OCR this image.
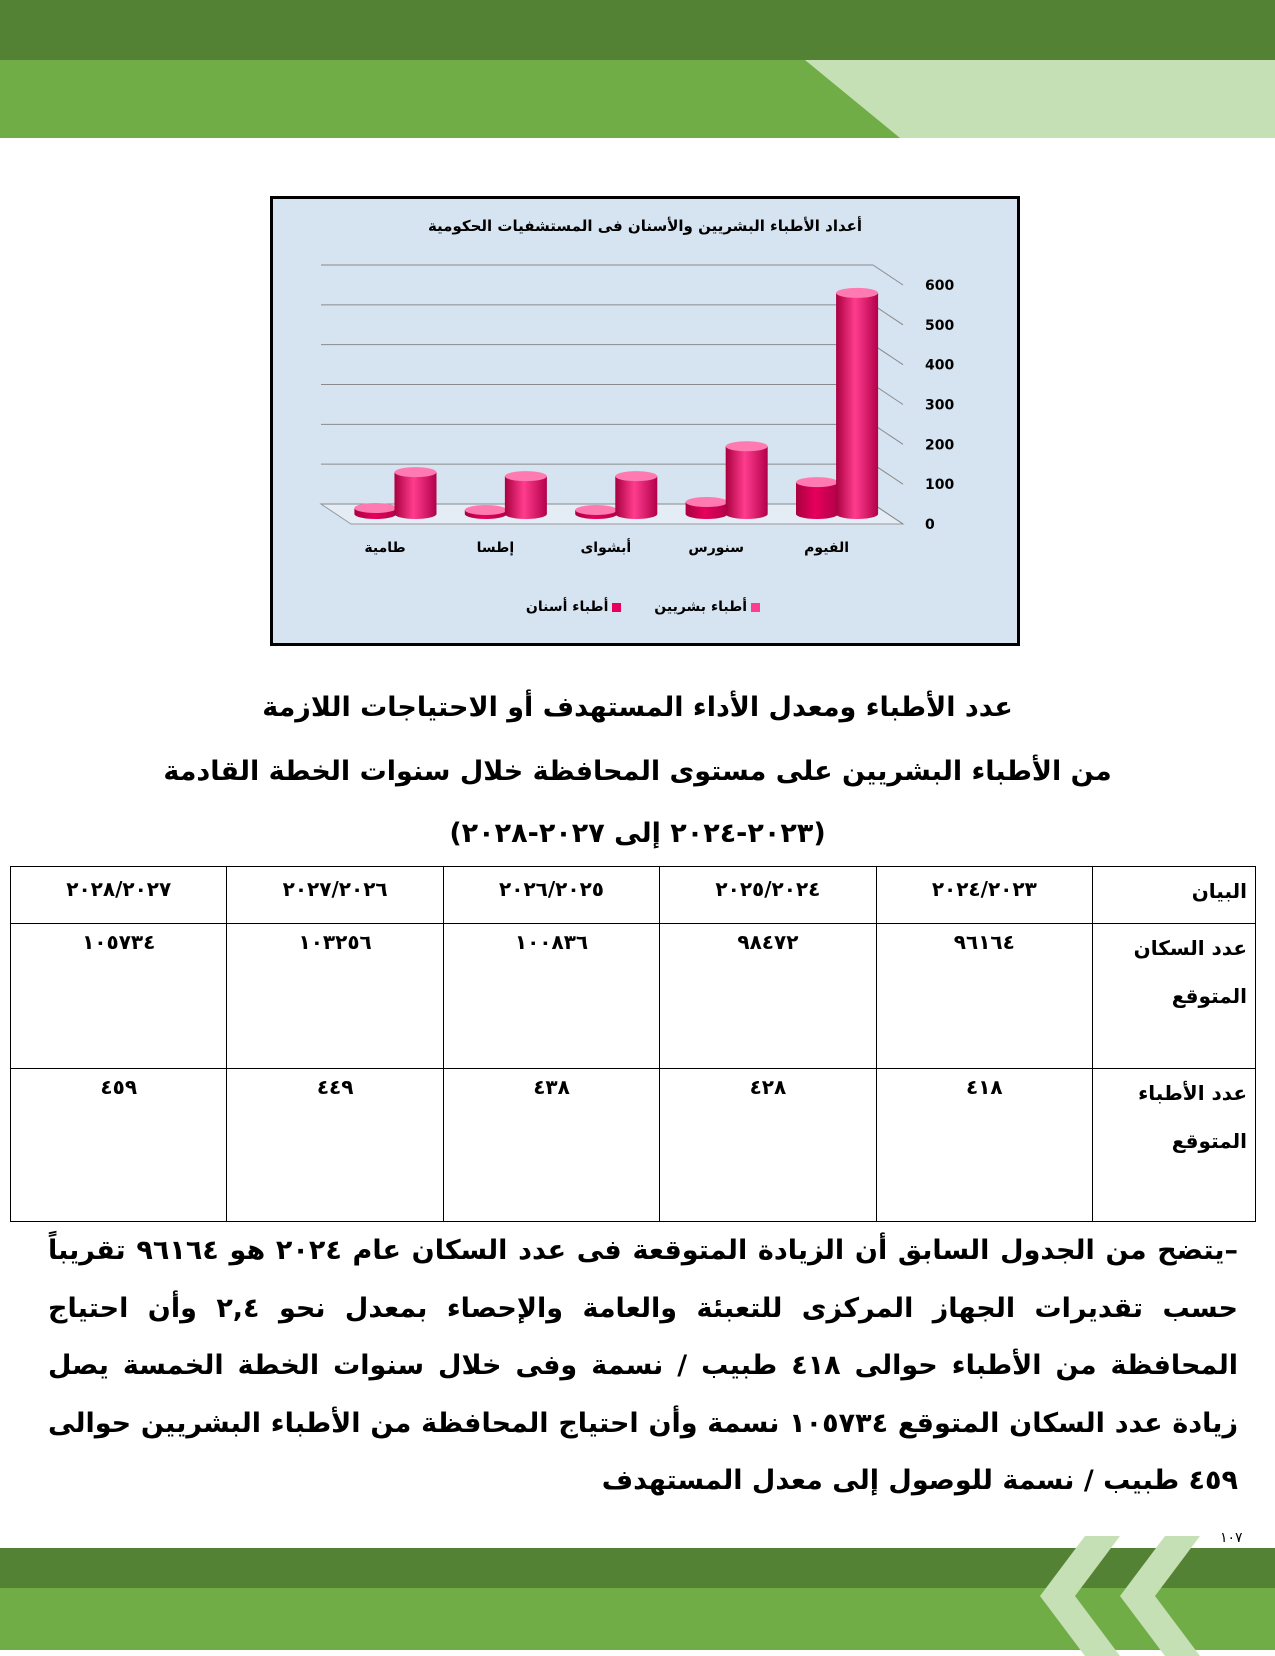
أعداد الأطباء البشريين والأسنان فى المستشفيات الحكومية
0
100
200
300
400
500
600
الفيوم
سنورس
أبشواى
إطسا
طامية
أطباء بشريين أطباء أسنان
عدد الأطباء ومعدل الأداء المستهدف أو الاحتياجات اللازمة
من الأطباء البشريين على مستوى المحافظة خلال سنوات الخطة القادمة
(٢٠٢٣-٢٠٢٤ إلى ٢٠٢٧-٢٠٢٨)
البيان	٢٠٢٤/٢٠٢٣	٢٠٢٥/٢٠٢٤	٢٠٢٦/٢٠٢٥	٢٠٢٧/٢٠٢٦	٢٠٢٨/٢٠٢٧
عدد السكان المتوقع	٩٦١٦٤	٩٨٤٧٢	١٠٠٨٣٦	١٠٣٢٥٦	١٠٥٧٣٤
عدد الأطباء المتوقع	٤١٨	٤٢٨	٤٣٨	٤٤٩	٤٥٩
–يتضح من الجدول السابق أن الزيادة المتوقعة فى عدد السكان عام ٢٠٢٤ هو ٩٦١٦٤ تقريباً حسب تقديرات الجهاز المركزى للتعبئة والعامة والإحصاء بمعدل نحو ٢,٤ وأن احتياج المحافظة من الأطباء حوالى ٤١٨ طبيب / نسمة وفى خلال سنوات الخطة الخمسة يصل زيادة عدد السكان المتوقع ١٠٥٧٣٤ نسمة وأن احتياج المحافظة من الأطباء البشريين حوالى ٤٥٩ طبيب / نسمة للوصول إلى معدل المستهدف
١٠٧
